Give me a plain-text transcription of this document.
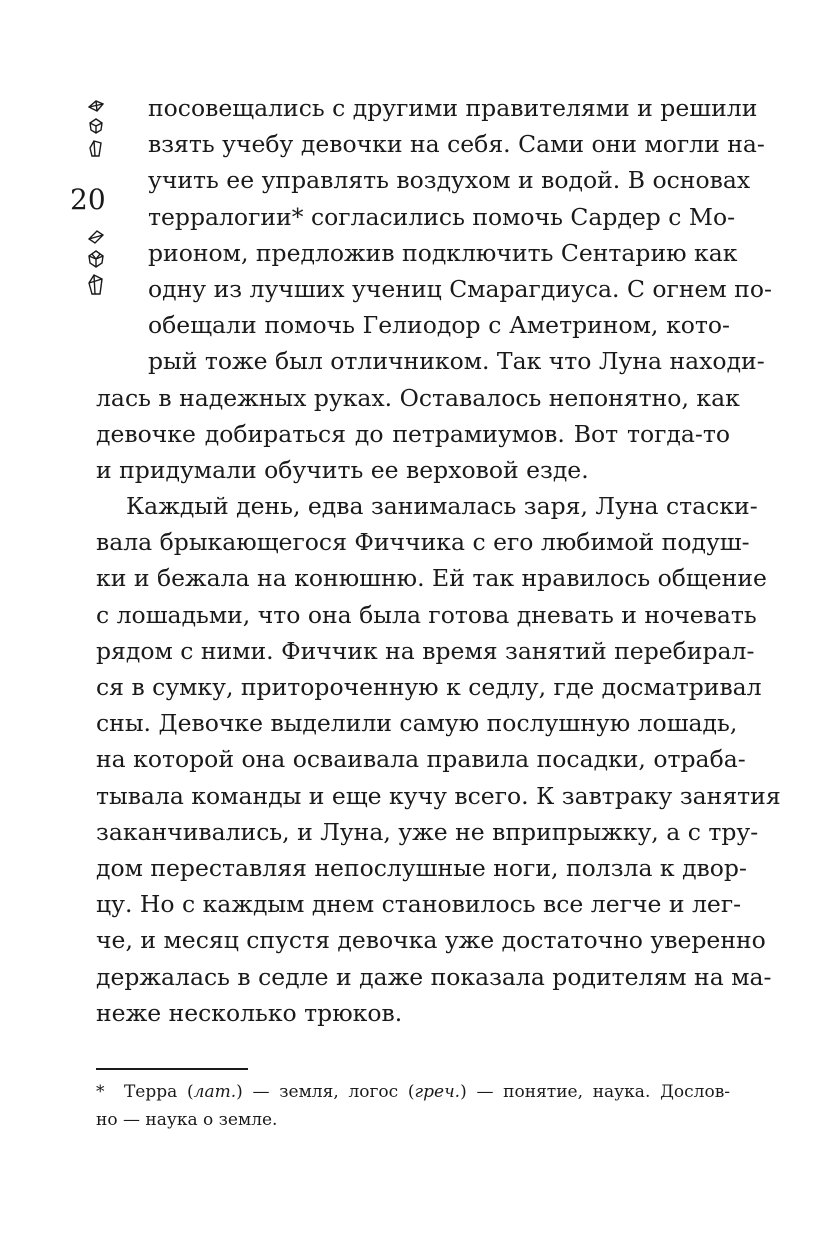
20
посовещались с другими правителями и решили
взять учебу девочки на себя. Сами они могли на-
учить ее управлять воздухом и водой. В основах
терралогии* согласились помочь Сардер с Мо-
рионом, предложив подключить Сентарию как
одну из лучших учениц Смарагдиуса. С огнем по-
обещали помочь Гелиодор с Аметрином, кото-
рый тоже был отличником. Так что Луна находи-
лась в надежных руках. Оставалось непонятно, как
девочке добираться до петрамиумов. Вот тогда-то
и придумали обучить ее верховой езде.
Каждый день, едва занималась заря, Луна стаски-
вала брыкающегося Фиччика с его любимой подуш-
ки и бежала на конюшню. Ей так нравилось общение
с лошадьми, что она была готова дневать и ночевать
рядом с ними. Фиччик на время занятий перебирал-
ся в сумку, притороченную к седлу, где досматривал
сны. Девочке выделили самую послушную лошадь,
на которой она осваивала правила посадки, отраба-
тывала команды и еще кучу всего. К завтраку занятия
заканчивались, и Луна, уже не вприпрыжку, а с тру-
дом переставляя непослушные ноги, ползла к двор-
цу. Но с каждым днем становилось все легче и лег-
че, и месяц спустя девочка уже достаточно уверенно
держалась в седле и даже показала родителям на ма-
неже несколько трюков.
* Терра (лат.) — земля, логос (греч.) — понятие, наука. Дослов-
но — наука о земле.
